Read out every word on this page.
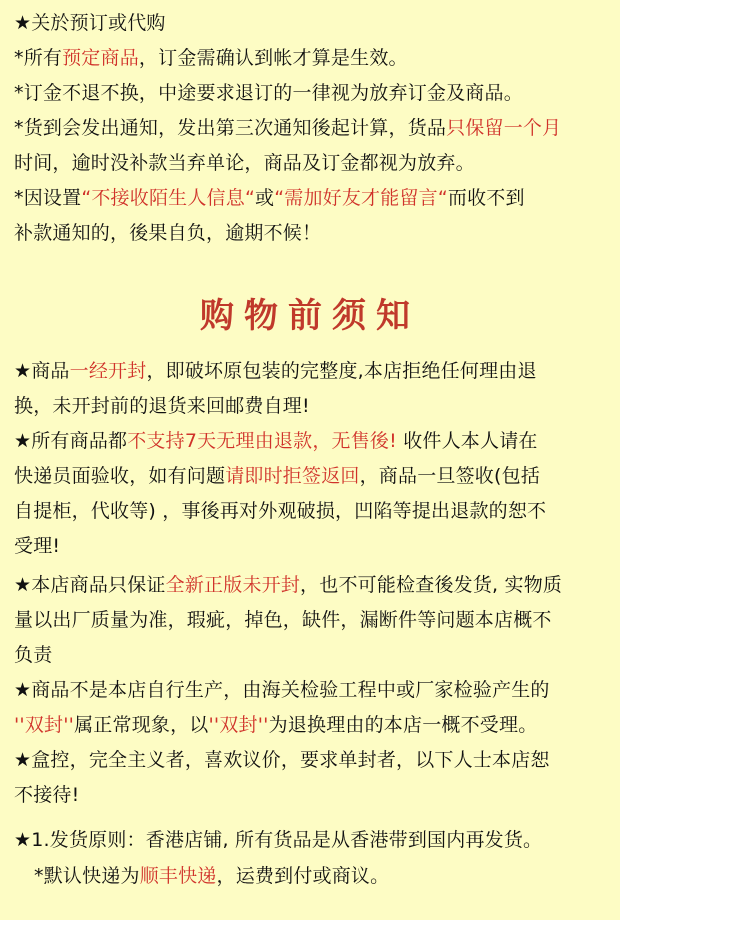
★关於预订或代购
*所有预定商品，订金需确认到帐才算是生效。
*订金不退不换，中途要求退订的一律视为放弃订金及商品。
*货到会发出通知，发出第三次通知後起计算，货品只保留一个月
时间，逾时没补款当弃单论，商品及订金都视为放弃。
*因设置“不接收陌生人信息“或“需加好友才能留言“而收不到
补款通知的，後果自负，逾期不候！
购物前须知
★商品一经开封，即破坏原包装的完整度,本店拒绝任何理由退
换，未开封前的退货来回邮费自理!
★所有商品都不支持7天无理由退款，无售後! 收件人本人请在
快递员面验收，如有问题请即时拒签返回，商品一旦签收(包括
自提柜，代收等) ，事後再对外观破损，凹陷等提出退款的恕不
受理!
★本店商品只保证全新正版未开封，也不可能检查後发货, 实物质
量以出厂质量为准，瑕疵，掉色，缺件，漏断件等问题本店概不
负责
★商品不是本店自行生产，由海关检验工程中或厂家检验产生的
''双封''属正常现象，以''双封''为退换理由的本店一概不受理。
★盒控，完全主义者，喜欢议价，要求单封者，以下人士本店恕
不接待!
★1.发货原则：香港店铺, 所有货品是从香港带到国内再发货。
*默认快递为顺丰快递，运费到付或商议。
